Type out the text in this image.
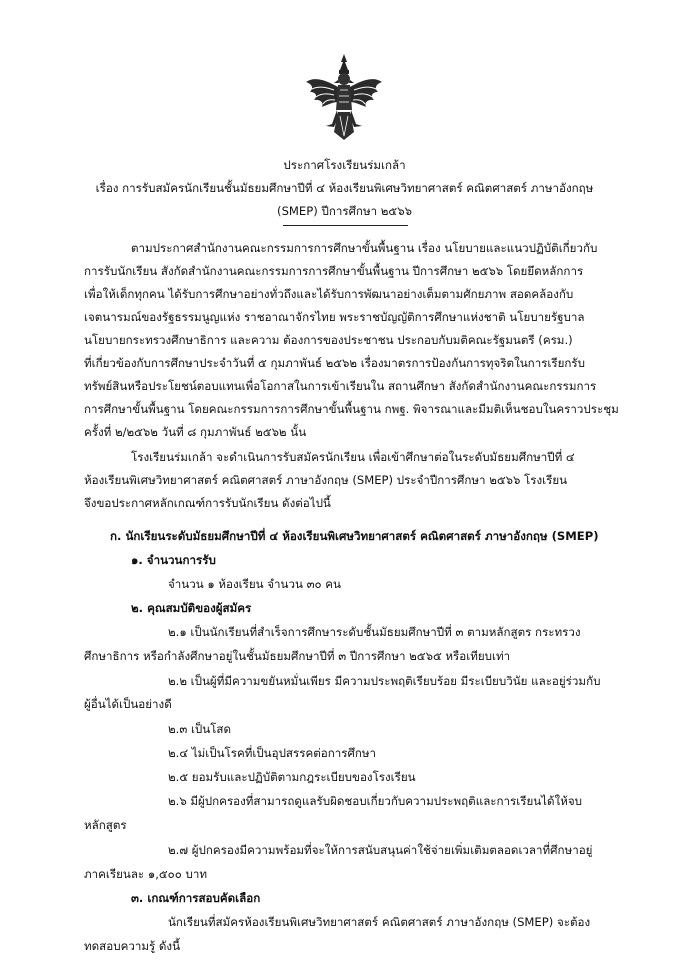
ประกาศโรงเรียนร่มเกล้า
เรื่อง การรับสมัครนักเรียนชั้นมัธยมศึกษาปีที่ ๔ ห้องเรียนพิเศษวิทยาศาสตร์ คณิตศาสตร์ ภาษาอังกฤษ
(SMEP) ปีการศึกษา ๒๕๖๖
ตามประกาศสำนักงานคณะกรรมการการศึกษาขั้นพื้นฐาน เรื่อง นโยบายและแนวปฏิบัติเกี่ยวกับ
การรับนักเรียน สังกัดสำนักงานคณะกรรมการการศึกษาขั้นพื้นฐาน ปีการศึกษา ๒๕๖๖ โดยยึดหลักการ
เพื่อให้เด็กทุกคน ได้รับการศึกษาอย่างทั่วถึงและได้รับการพัฒนาอย่างเต็มตามศักยภาพ สอดคล้องกับ
เจตนารมณ์ของรัฐธรรมนูญแห่ง ราชอาณาจักรไทย พระราชบัญญัติการศึกษาแห่งชาติ นโยบายรัฐบาล
นโยบายกระทรวงศึกษาธิการ และความ ต้องการของประชาชน ประกอบกับมติคณะรัฐมนตรี (ครม.)
ที่เกี่ยวข้องกับการศึกษาประจำวันที่ ๕ กุมภาพันธ์ ๒๕๖๒ เรื่องมาตรการป้องกันการทุจริตในการเรียกรับ
ทรัพย์สินหรือประโยชน์ตอบแทนเพื่อโอกาสในการเข้าเรียนใน สถานศึกษา สังกัดสำนักงานคณะกรรมการ
การศึกษาขั้นพื้นฐาน โดยคณะกรรมการการศึกษาขั้นพื้นฐาน กพฐ. พิจารณาและมีมติเห็นชอบในคราวประชุม
ครั้งที่ ๒/๒๕๖๒ วันที่ ๘ กุมภาพันธ์ ๒๕๖๒ นั้น
โรงเรียนร่มเกล้า จะดำเนินการรับสมัครนักเรียน เพื่อเข้าศึกษาต่อในระดับมัธยมศึกษาปีที่ ๔
ห้องเรียนพิเศษวิทยาศาสตร์ คณิตศาสตร์ ภาษาอังกฤษ (SMEP) ประจำปีการศึกษา ๒๕๖๖ โรงเรียน
จึงขอประกาศหลักเกณฑ์การรับนักเรียน ดังต่อไปนี้
ก. นักเรียนระดับมัธยมศึกษาปีที่ ๔ ห้องเรียนพิเศษวิทยาศาสตร์ คณิตศาสตร์ ภาษาอังกฤษ (SMEP)
๑. จำนวนการรับ
จำนวน ๑ ห้องเรียน จำนวน ๓๐ คน
๒. คุณสมบัติของผู้สมัคร
๒.๑ เป็นนักเรียนที่สำเร็จการศึกษาระดับชั้นมัธยมศึกษาปีที่ ๓ ตามหลักสูตร กระทรวง
ศึกษาธิการ หรือกำลังศึกษาอยู่ในชั้นมัธยมศึกษาปีที่ ๓ ปีการศึกษา ๒๕๖๕ หรือเทียบเท่า
๒.๒ เป็นผู้ที่มีความขยันหมั่นเพียร มีความประพฤติเรียบร้อย มีระเบียบวินัย และอยู่ร่วมกับ
ผู้อื่นได้เป็นอย่างดี
๒.๓ เป็นโสด
๒.๔ ไม่เป็นโรคที่เป็นอุปสรรคต่อการศึกษา
๒.๕ ยอมรับและปฏิบัติตามกฎระเบียบของโรงเรียน
๒.๖ มีผู้ปกครองที่สามารถดูแลรับผิดชอบเกี่ยวกับความประพฤติและการเรียนได้ให้จบ
หลักสูตร
๒.๗ ผู้ปกครองมีความพร้อมที่จะให้การสนับสนุนค่าใช้จ่ายเพิ่มเติมตลอดเวลาที่ศึกษาอยู่
ภาคเรียนละ ๑,๕๐๐ บาท
๓. เกณฑ์การสอบคัดเลือก
นักเรียนที่สมัครห้องเรียนพิเศษวิทยาศาสตร์ คณิตศาสตร์ ภาษาอังกฤษ (SMEP) จะต้อง
ทดสอบความรู้ ดังนี้
